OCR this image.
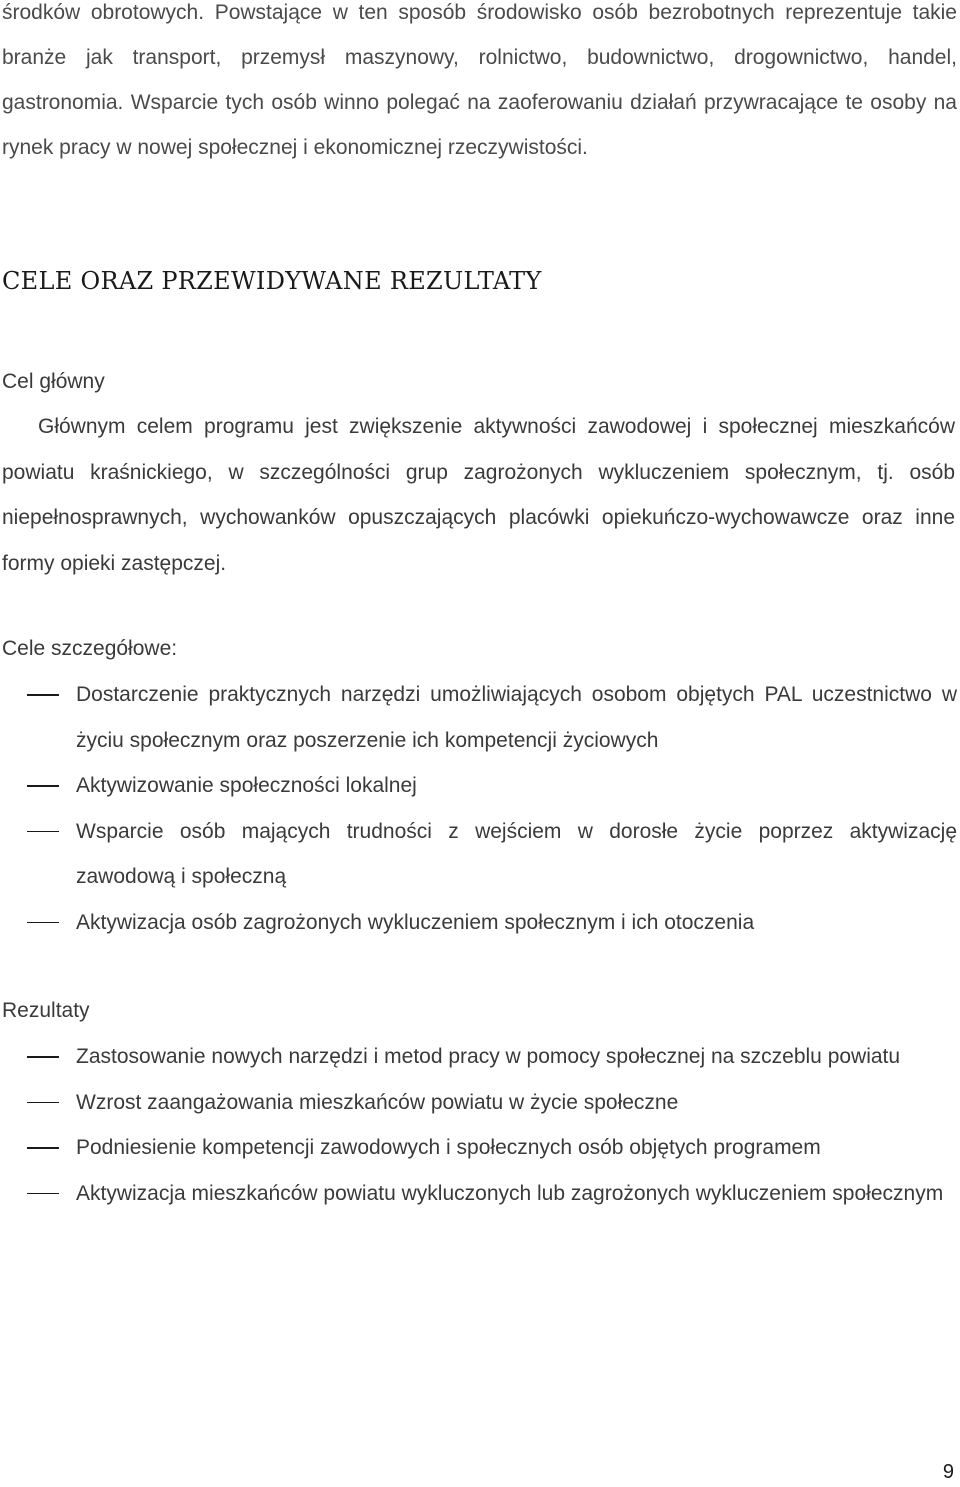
środków obrotowych. Powstające w ten sposób środowisko osób bezrobotnych reprezentuje takie branże jak transport, przemysł maszynowy, rolnictwo, budownictwo, drogownictwo, handel, gastronomia. Wsparcie tych osób winno polegać na zaoferowaniu działań przywracające te osoby na rynek pracy w nowej społecznej i ekonomicznej rzeczywistości.

CELE ORAZ PRZEWIDYWANE REZULTATY

Cel główny

Głównym celem programu jest zwiększenie aktywności zawodowej i społecznej mieszkańców powiatu kraśnickiego, w szczególności grup zagrożonych wykluczeniem społecznym, tj. osób niepełnosprawnych, wychowanków opuszczających placówki opiekuńczo-wychowawcze oraz inne formy opieki zastępczej.

Cele szczegółowe:

Dostarczenie praktycznych narzędzi umożliwiających osobom objętych PAL uczestnictwo w życiu społecznym oraz poszerzenie ich kompetencji życiowych
Aktywizowanie społeczności lokalnej
Wsparcie osób mających trudności z wejściem w dorosłe życie poprzez aktywizację zawodową i społeczną
Aktywizacja osób zagrożonych wykluczeniem społecznym i ich otoczenia

Rezultaty

Zastosowanie nowych narzędzi i metod pracy w pomocy społecznej na szczeblu powiatu
Wzrost zaangażowania mieszkańców powiatu w życie społeczne
Podniesienie kompetencji zawodowych i społecznych osób objętych programem
Aktywizacja mieszkańców powiatu wykluczonych lub zagrożonych wykluczeniem społecznym
9
